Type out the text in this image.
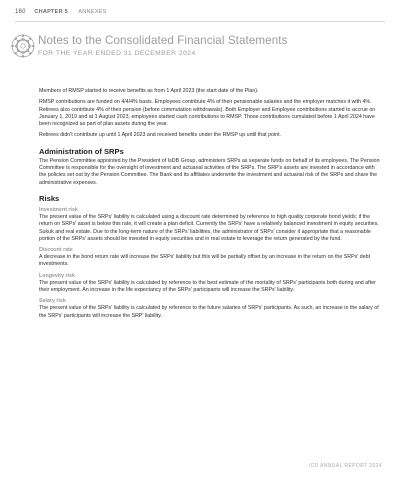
160 CHAPTER 5 ANNEXES
Notes to the Consolidated Financial Statements
FOR THE YEAR ENDED 31 DECEMBER 2024

Members of RMSP started to receive benefits as from 1 April 2023 (the start date of the Plan).

RMSP contributions are funded on 4/4/4% basis. Employees contribute 4% of their pensionable salaries and the employer matches it with 4%. Retirees also contribute 4% of their pension (before commutation withdrawals). Both Employer and Employee contributions started to accrue on January 1, 2019 and at 1 August 2023, employees started cash contributions to RMSP. Those contributions cumulated before 1 April 2024 have been recognized as part of plan assets during the year.

Retirees didn't contribute up until 1 April 2023 and received benefits under the RMSP up until that point.

Administration of SRPs

The Pension Committee appointed by the President of IsDB Group, administers SRPs as seperate funds on behalf of its employees. The Pension Committee is responsible for the oversight of investment and actuarial activities of the SRPs. The SRP's assets are invested in accordance with the policies set out by the Pension Committee. The Bank and its affiliates underwrite the investment and actuarial risk of the SRPs and share the administrative expenses.

Risks
Investment risk

The present value of the SRPs' liability is calculated using a discount rate determined by reference to high quality corporate bond yields; if the return on SRPs' asset is below this rate, it will create a plan deficit. Currently the SRPs' have a relatively balanced investment in equity securities, Sukuk and real estate. Due to the long-term nature of the SRPs' liabilities, the administrator of SRPs' consider it appropriate that a reasonable portion of the SRPs' assets should be invested in equity securities and in real estate to leverage the return generated by the fund.

Discount rate

A decrease in the bond return rate will increase the SRPs' liability but this will be partially offset by an increase in the return on the SRPs' debt investments.

Longevity risk

The present value of the SRPs' liability is calculated by reference to the best estimate of the mortality of SRPs' participants both during and after their employment. An increase in the life expectancy of the SRPs' participants will increase the SRPs' liability.

Salary risk

The present value of the SRPs' liability is calculated by reference to the future salaries of SRPs' participants. As such, an increase in the salary of the SRPs' participants will increase the SRP' liability.

ICD ANNUAL REPORT 2024
